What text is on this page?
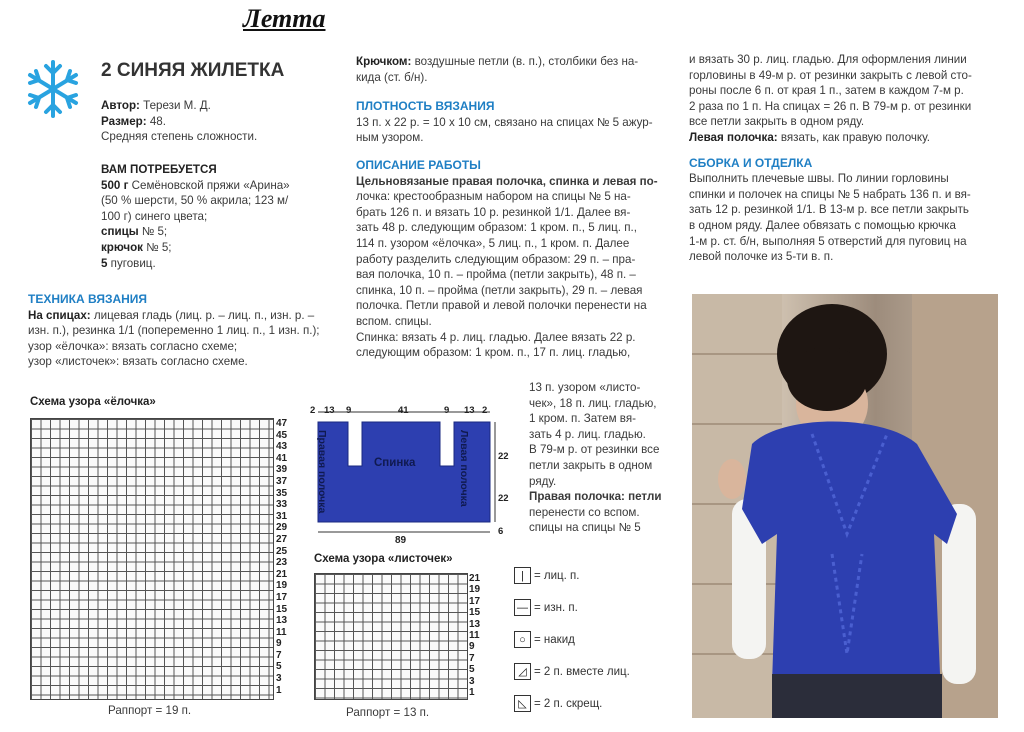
Летта
2 СИНЯЯ ЖИЛЕТКА
Автор: Терези М. Д.
Размер: 48.
Средняя степень сложности.
ВАМ ПОТРЕБУЕТСЯ
500 г Семёновской пряжи «Арина»
(50 % шерсти, 50 % акрила; 123 м/
100 г) синего цвета;
спицы № 5;
крючок № 5;
5 пуговиц.
ТЕХНИКА ВЯЗАНИЯ
На спицах: лицевая гладь (лиц. р. – лиц. п., изн. р. –
изн. п.), резинка 1/1 (попеременно 1 лиц. п., 1 изн. п.);
узор «ёлочка»: вязать согласно схеме;
узор «листочек»: вязать согласно схеме.
Схема узора «ёлочка»
47
45
43
41
39
37
35
33
31
29
27
25
23
21
19
17
15
13
11
9
7
5
3
1
Раппорт = 19 п.
Крючком: воздушные петли (в. п.), столбики без на-
кида (ст. б/н).
ПЛОТНОСТЬ ВЯЗАНИЯ
13 п. х 22 р. = 10 х 10 см, связано на спицах № 5 ажур-
ным узором.
ОПИСАНИЕ РАБОТЫ
Цельновязаные правая полочка, спинка и левая по-
лочка: крестообразным набором на спицы № 5 на-
брать 126 п. и вязать 10 р. резинкой 1/1. Далее вя-
зать 48 р. следующим образом: 1 кром. п., 5 лиц. п.,
114 п. узором «ёлочка», 5 лиц. п., 1 кром. п. Далее
работу разделить следующим образом: 29 п. – пра-
вая полочка, 10 п. – пройма (петли закрыть), 48 п. –
спинка, 10 п. – пройма (петли закрыть), 29 п. – левая
полочка. Петли правой и левой полочки перенести на
вспом. спицы.
Спинка: вязать 4 р. лиц. гладью. Далее вязать 22 р.
следующим образом: 1 кром. п., 17 п. лиц. гладью,
13 п. узором «листо-
чек», 18 п. лиц. гладью,
1 кром. п. Затем вя-
зать 4 р. лиц. гладью.
В 79-м р. от резинки все
петли закрыть в одном
ряду.
Правая полочка: петли
перенести со вспом.
спицы на спицы № 5
Спинка
Правая полочка	Левая полочка
2 13 9	41	9 13 2
22
22
6
89
Схема узора «листочек»
21
19
17
15
13
11
9
7
5
3
1
Раппорт = 13 п.
| = лиц. п.
— = изн. п.
○ = накид
◿ = 2 п. вместе лиц.
◺ = 2 п. скрещ.
и вязать 30 р. лиц. гладью. Для оформления линии
горловины в 49-м р. от резинки закрыть с левой сто-
роны после 6 п. от края 1 п., затем в каждом 7-м р.
2 раза по 1 п. На спицах = 26 п. В 79-м р. от резинки
все петли закрыть в одном ряду.
Левая полочка: вязать, как правую полочку.
СБОРКА И ОТДЕЛКА
Выполнить плечевые швы. По линии горловины
спинки и полочек на спицы № 5 набрать 136 п. и вя-
зать 12 р. резинкой 1/1. В 13-м р. все петли закрыть
в одном ряду. Далее обвязать с помощью крючка
1-м р. ст. б/н, выполняя 5 отверстий для пуговиц на
левой полочке из 5-ти в. п.
